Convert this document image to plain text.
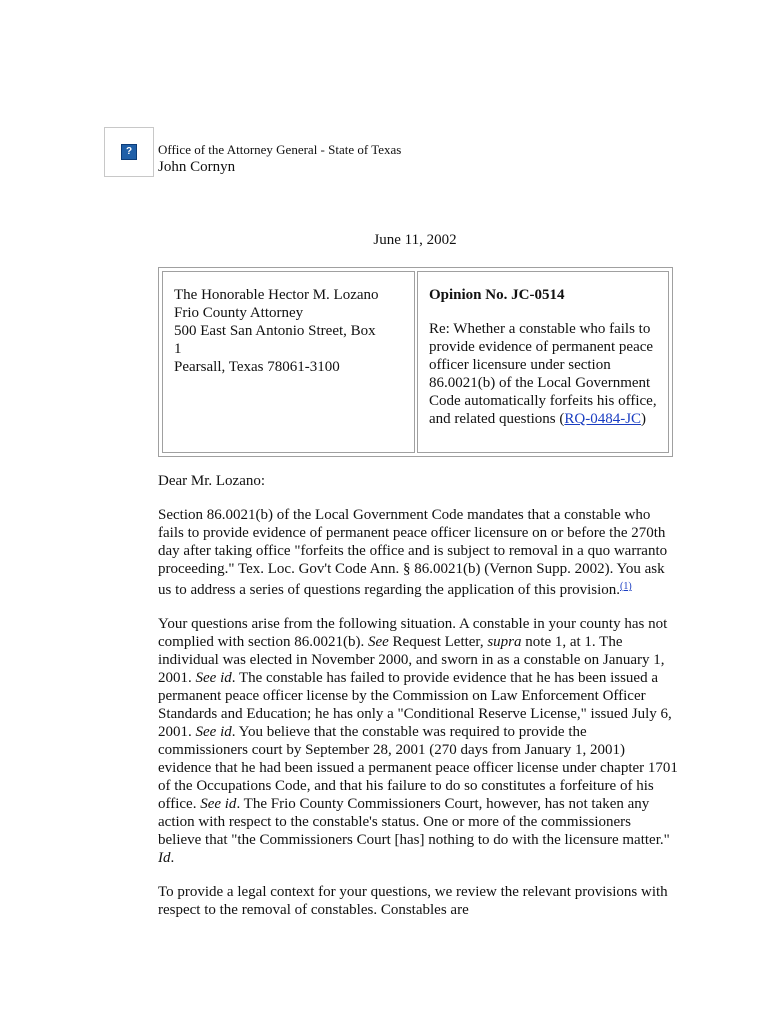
?	Office of the Attorney General - State of Texas
John Cornyn
June 11, 2002
The Honorable Hector M. Lozano
Frio County Attorney
500 East San Antonio Street, Box
1
Pearsall, Texas 78061-3100
Opinion No. JC-0514
Re: Whether a constable who fails to provide evidence of permanent peace officer licensure under section 86.0021(b) of the Local Government Code automatically forfeits his office, and related questions (RQ-0484-JC)

Dear Mr. Lozano:

Section 86.0021(b) of the Local Government Code mandates that a constable who fails to provide evidence of permanent peace officer licensure on or before the 270th day after taking office "forfeits the office and is subject to removal in a quo warranto proceeding." Tex. Loc. Gov't Code Ann. § 86.0021(b) (Vernon Supp. 2002). You ask us to address a series of questions regarding the application of this provision.$^{(1)}$

Your questions arise from the following situation. A constable in your county has not complied with section 86.0021(b). See Request Letter, supra note 1, at 1. The individual was elected in November 2000, and sworn in as a constable on January 1, 2001. See id. The constable has failed to provide evidence that he has been issued a permanent peace officer license by the Commission on Law Enforcement Officer Standards and Education; he has only a "Conditional Reserve License," issued July 6, 2001. See id. You believe that the constable was required to provide the commissioners court by September 28, 2001 (270 days from January 1, 2001) evidence that he had been issued a permanent peace officer license under chapter 1701 of the Occupations Code, and that his failure to do so constitutes a forfeiture of his office. See id. The Frio County Commissioners Court, however, has not taken any action with respect to the constable's status. One or more of the commissioners believe that "the Commissioners Court [has] nothing to do with the licensure matter." Id.

To provide a legal context for your questions, we review the relevant provisions with respect to the removal of constables. Constables are
